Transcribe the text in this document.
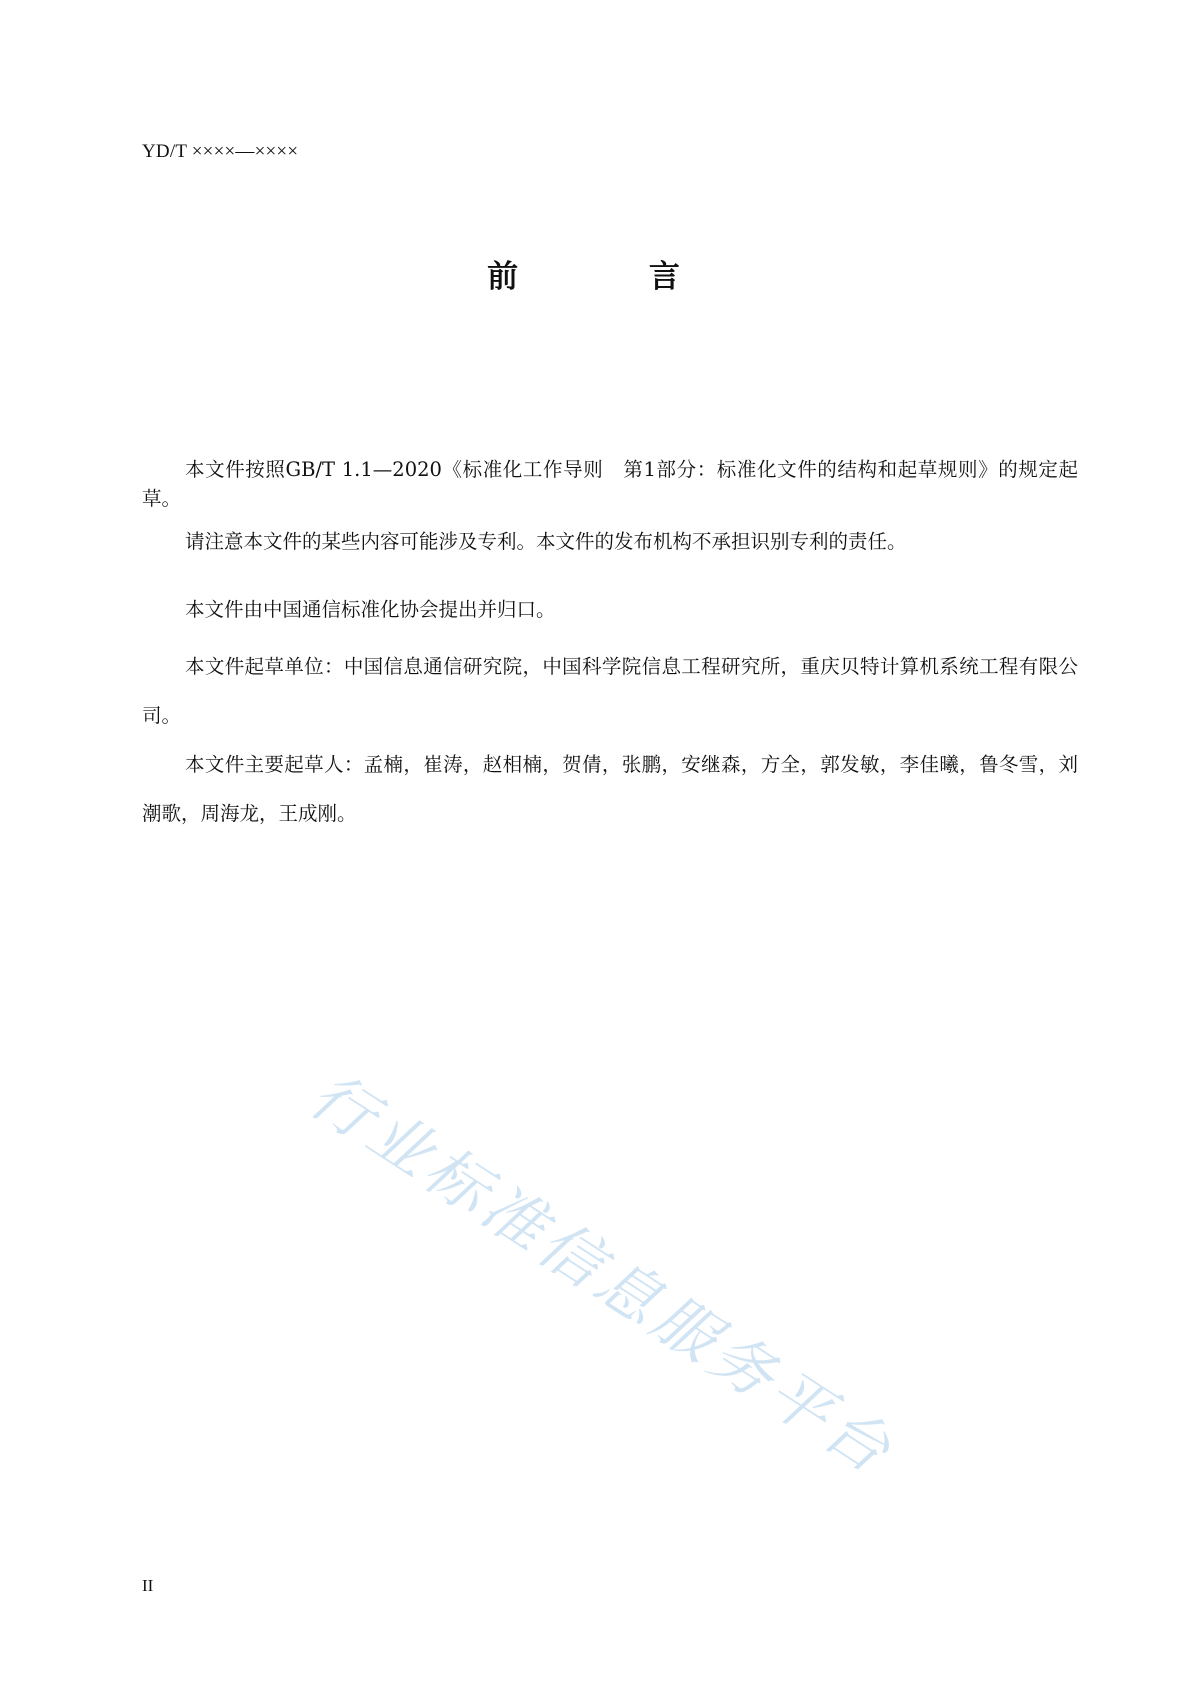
YD/T ××××—××××
前 言

本文件按照GB/T 1.1—2020《标准化工作导则　第1部分：标准化文件的结构和起草规则》的规定起草。

请注意本文件的某些内容可能涉及专利。本文件的发布机构不承担识别专利的责任。

本文件由中国通信标准化协会提出并归口。

本文件起草单位：中国信息通信研究院，中国科学院信息工程研究所，重庆贝特计算机系统工程有限公司。

本文件主要起草人：孟楠，崔涛，赵相楠，贺倩，张鹏，安继森，方全，郭发敏，李佳曦，鲁冬雪，刘潮歌，周海龙，王成刚。

行业标准信息服务平台
II
